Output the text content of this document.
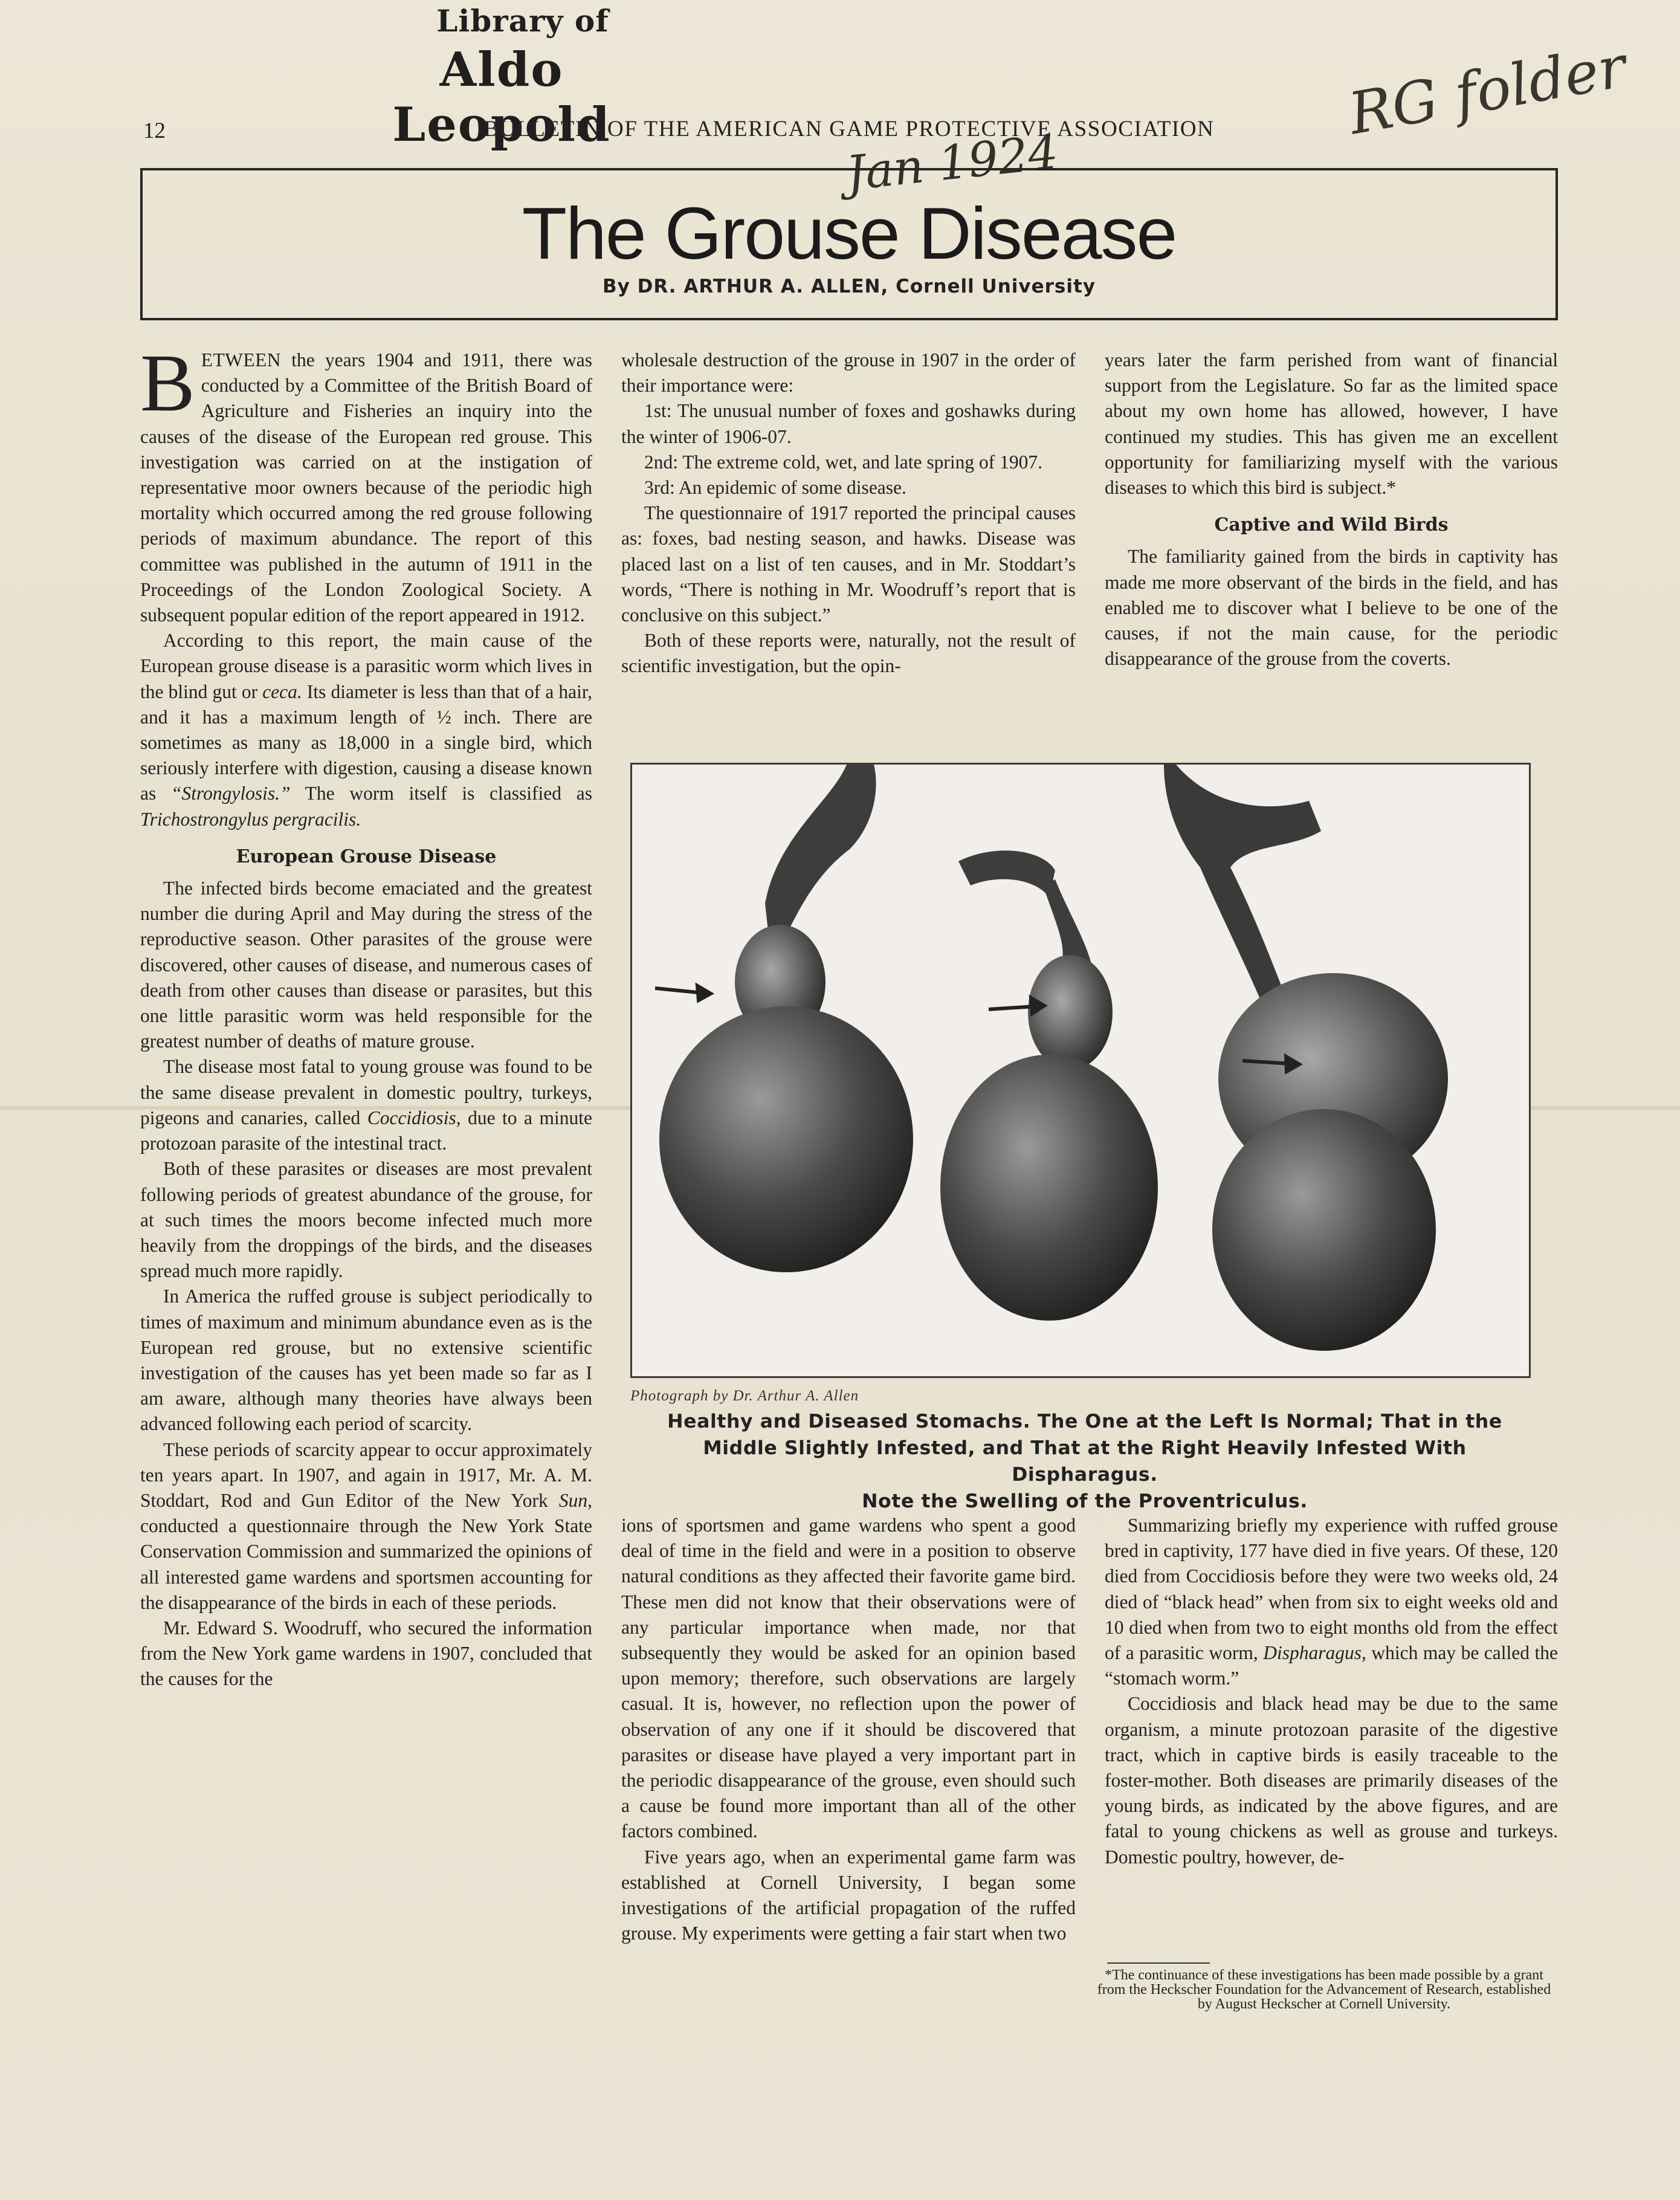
Library of
Aldo Leopold	RG folder
Jan 1924
12	BULLETIN OF THE AMERICAN GAME PROTECTIVE ASSOCIATION
The Grouse Disease
By DR. ARTHUR A. ALLEN, Cornell University

BETWEEN the years 1904 and 1911, there was conducted by a Committee of the British Board of Agriculture and Fisheries an inquiry into the causes of the disease of the European red grouse. This investigation was carried on at the instigation of representative moor owners because of the periodic high mortality which occurred among the red grouse following periods of maximum abundance. The report of this committee was published in the autumn of 1911 in the Proceedings of the London Zoological Society. A subsequent popular edition of the report appeared in 1912.

According to this report, the main cause of the European grouse disease is a parasitic worm which lives in the blind gut or ceca. Its diameter is less than that of a hair, and it has a maximum length of ½ inch. There are sometimes as many as 18,000 in a single bird, which seriously interfere with digestion, causing a disease known as “Strongylosis.” The worm itself is classified as Trichostrongylus pergracilis.

European Grouse Disease

The infected birds become emaciated and the greatest number die during April and May during the stress of the reproductive season. Other parasites of the grouse were discovered, other causes of disease, and numerous cases of death from other causes than disease or parasites, but this one little parasitic worm was held responsible for the greatest number of deaths of mature grouse.

The disease most fatal to young grouse was found to be the same disease prevalent in domestic poultry, turkeys, pigeons and canaries, called Coccidiosis, due to a minute protozoan parasite of the intestinal tract.

Both of these parasites or diseases are most prevalent following periods of greatest abundance of the grouse, for at such times the moors become infected much more heavily from the droppings of the birds, and the diseases spread much more rapidly.

In America the ruffed grouse is subject periodically to times of maximum and minimum abundance even as is the European red grouse, but no extensive scientific investigation of the causes has yet been made so far as I am aware, although many theories have always been advanced following each period of scarcity.

These periods of scarcity appear to occur approximately ten years apart. In 1907, and again in 1917, Mr. A. M. Stoddart, Rod and Gun Editor of the New York Sun, conducted a questionnaire through the New York State Conservation Commission and summarized the opinions of all interested game wardens and sportsmen accounting for the disappearance of the birds in each of these periods.

Mr. Edward S. Woodruff, who secured the information from the New York game wardens in 1907, concluded that the causes for the

wholesale destruction of the grouse in 1907 in the order of their importance were:

1st: The unusual number of foxes and goshawks during the winter of 1906-07.

2nd: The extreme cold, wet, and late spring of 1907.

3rd: An epidemic of some disease.

The questionnaire of 1917 reported the principal causes as: foxes, bad nesting season, and hawks. Disease was placed last on a list of ten causes, and in Mr. Stoddart’s words, “There is nothing in Mr. Woodruff’s report that is conclusive on this subject.”

Both of these reports were, naturally, not the result of scientific investigation, but the opin-

years later the farm perished from want of financial support from the Legislature. So far as the limited space about my own home has allowed, however, I have continued my studies. This has given me an excellent opportunity for familiarizing myself with the various diseases to which this bird is subject.*

Captive and Wild Birds

The familiarity gained from the birds in captivity has made me more observant of the birds in the field, and has enabled me to discover what I believe to be one of the causes, if not the main cause, for the periodic disappearance of the grouse from the coverts.

Photograph by Dr. Arthur A. Allen
Healthy and Diseased Stomachs. The One at the Left Is Normal; That in the
Middle Slightly Infested, and That at the Right Heavily Infested With Dispharagus.
Note the Swelling of the Proventriculus.

ions of sportsmen and game wardens who spent a good deal of time in the field and were in a position to observe natural conditions as they affected their favorite game bird. These men did not know that their observations were of any particular importance when made, nor that subsequently they would be asked for an opinion based upon memory; therefore, such observations are largely casual. It is, however, no reflection upon the power of observation of any one if it should be discovered that parasites or disease have played a very important part in the periodic disappearance of the grouse, even should such a cause be found more important than all of the other factors combined.

Five years ago, when an experimental game farm was established at Cornell University, I began some investigations of the artificial propagation of the ruffed grouse. My experiments were getting a fair start when two

Summarizing briefly my experience with ruffed grouse bred in captivity, 177 have died in five years. Of these, 120 died from Coccidiosis before they were two weeks old, 24 died of “black head” when from six to eight weeks old and 10 died when from two to eight months old from the effect of a parasitic worm, Dispharagus, which may be called the “stomach worm.”

Coccidiosis and black head may be due to the same organism, a minute protozoan parasite of the digestive tract, which in captive birds is easily traceable to the foster-mother. Both diseases are primarily diseases of the young birds, as indicated by the above figures, and are fatal to young chickens as well as grouse and turkeys. Domestic poultry, however, de-

*The continuance of these investigations has been made possible by a grant from the Heckscher Foundation for the Advancement of Research, established by August Heckscher at Cornell University.
